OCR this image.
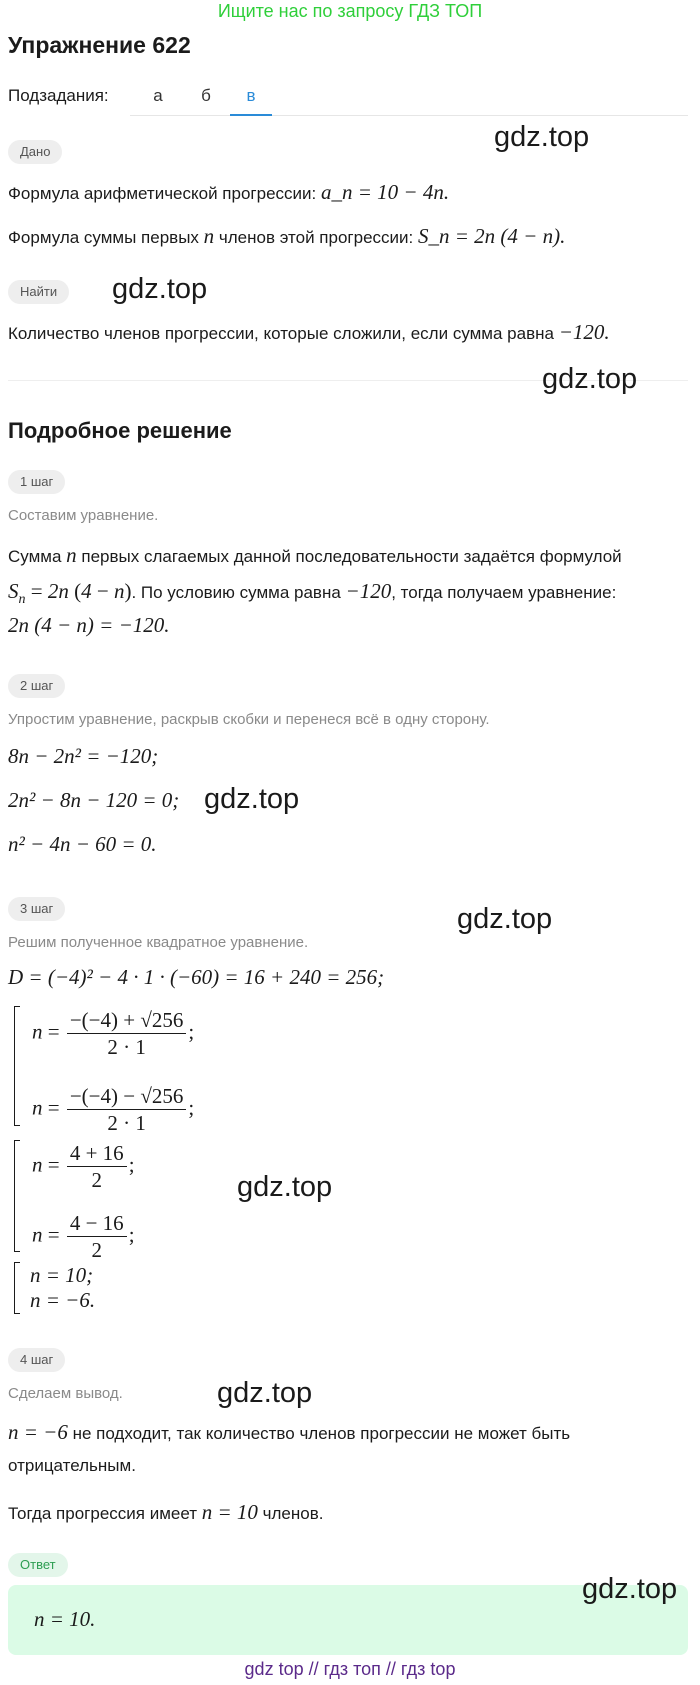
Ищите нас по запросу ГДЗ ТОП
Упражнение 622
Подзадания:	а	б	в
Дано
Формула арифметической прогрессии: a_n = 10 − 4n.
Формула суммы первых n членов этой прогрессии: S_n = 2n (4 − n).
Найти
Количество членов прогрессии, которые сложили, если сумма равна −120.
Подробное решение
1 шаг
Составим уравнение.
Сумма n первых слагаемых данной последовательности задаётся формулой
$S_n = 2n$ (4 − n). По условию сумма равна −120, тогда получаем уравнение:
2n (4 − n) = −120.
2 шаг
Упростим уравнение, раскрыв скобки и перенеся всё в одну сторону.
8n − 2n² = −120;
2n² − 8n − 120 = 0;
n² − 4n − 60 = 0.
3 шаг
Решим полученное квадратное уравнение.
D = (−4)² − 4 · 1 · (−60) = 16 + 240 = 256;
$n = \frac{-(-4) + √256}{2 \cdot 1}$ ;
$n = \frac{-(-4) - √256}{2 \cdot 1}$ ;
$n = \frac{4 + 16}{2}$ ;
$n = \frac{4 - 16}{2}$ ;
n = 10;
n = −6.
4 шаг
Сделаем вывод.
n = −6 не подходит, так количество членов прогрессии не может быть
отрицательным.
Тогда прогрессия имеет n = 10 членов.
Ответ
n = 10.
gdz.top
gdz.top
gdz.top
gdz.top
gdz.top
gdz.top
gdz.top
gdz.top
gdz top // гдз топ // гдз top
